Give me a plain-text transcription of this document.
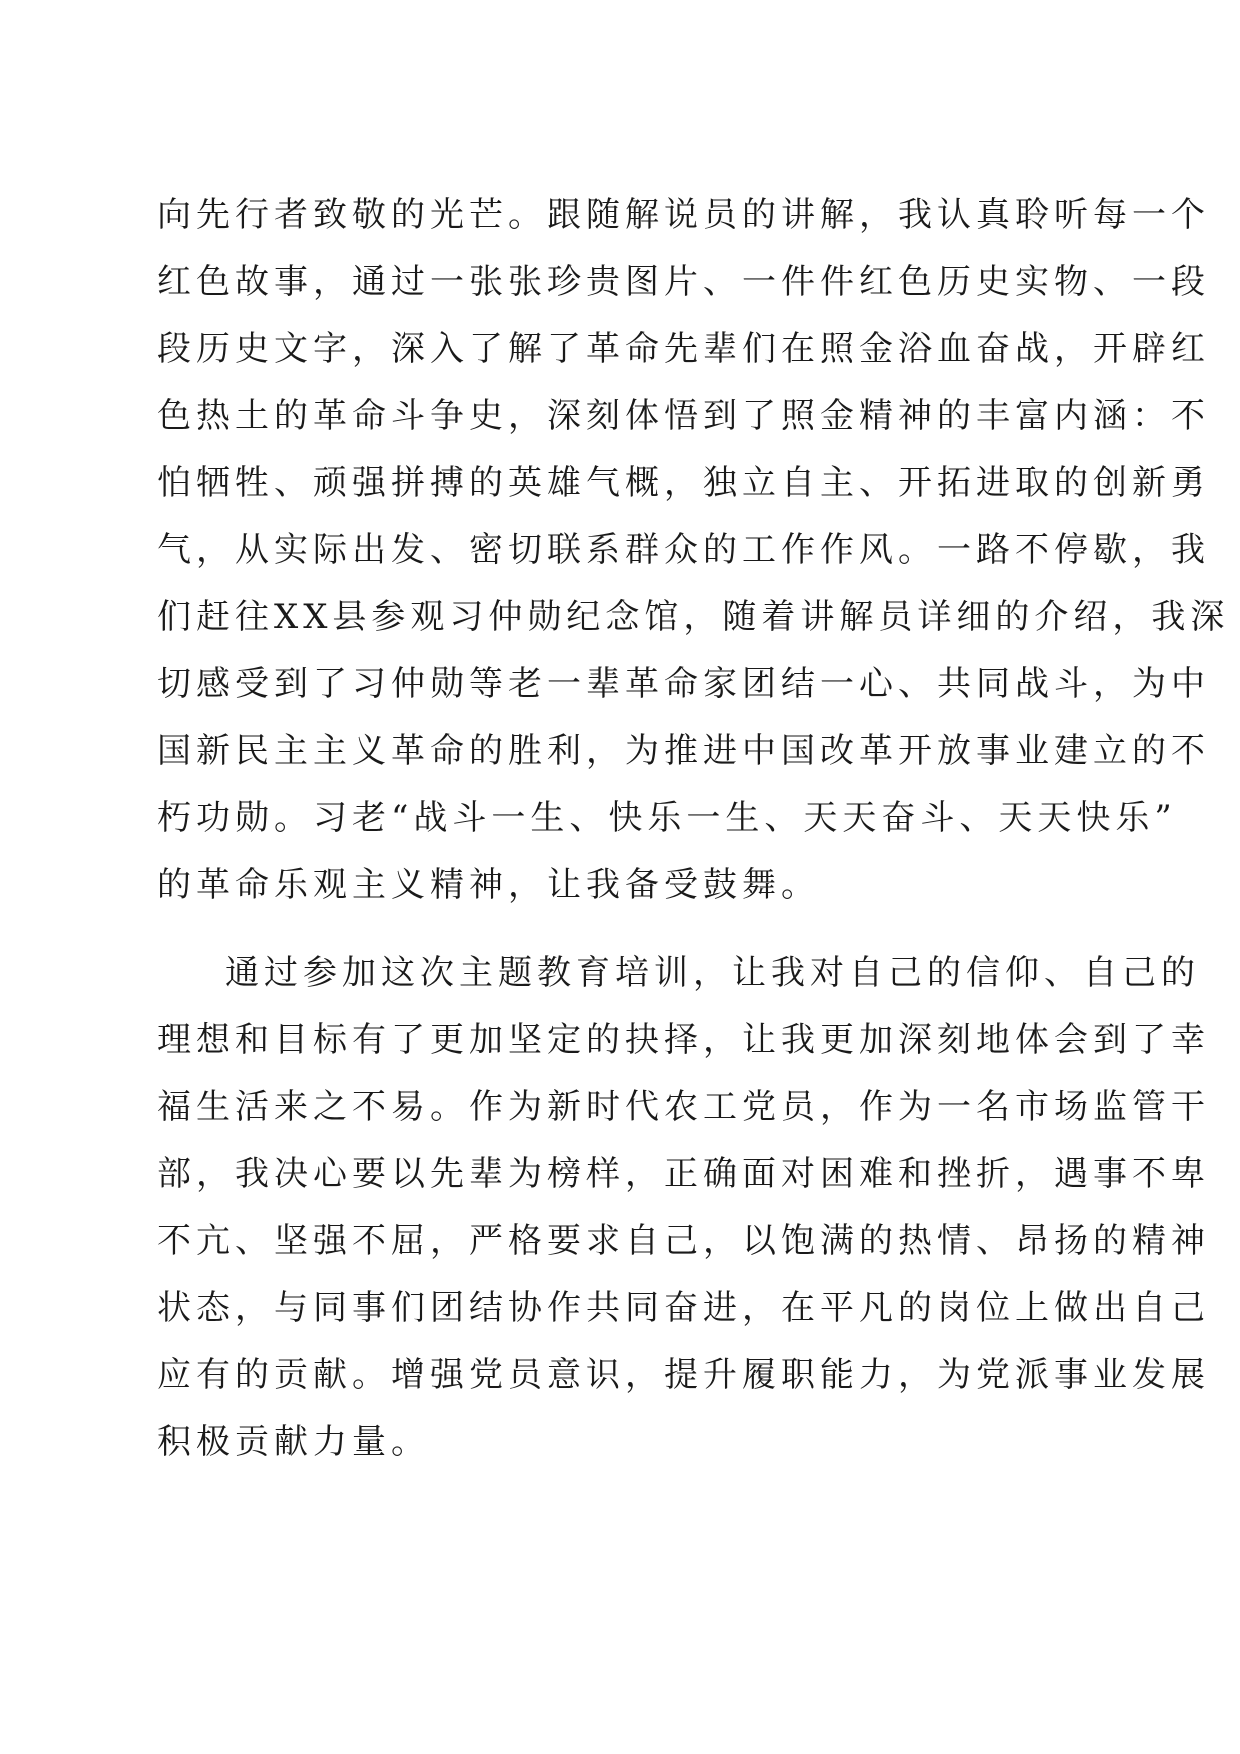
向先行者致敬的光芒。跟随解说员的讲解，我认真聆听每一个
红色故事，通过一张张珍贵图片、一件件红色历史实物、一段
段历史文字，深入了解了革命先辈们在照金浴血奋战，开辟红
色热土的革命斗争史，深刻体悟到了照金精神的丰富内涵：不
怕牺牲、顽强拼搏的英雄气概，独立自主、开拓进取的创新勇
气，从实际出发、密切联系群众的工作作风。一路不停歇，我
们赶往XX县参观习仲勋纪念馆，随着讲解员详细的介绍，我深
切感受到了习仲勋等老一辈革命家团结一心、共同战斗，为中
国新民主主义革命的胜利，为推进中国改革开放事业建立的不
朽功勋。习老“战斗一生、快乐一生、天天奋斗、天天快乐”
的革命乐观主义精神，让我备受鼓舞。
通过参加这次主题教育培训，让我对自己的信仰、自己的
理想和目标有了更加坚定的抉择，让我更加深刻地体会到了幸
福生活来之不易。作为新时代农工党员，作为一名市场监管干
部，我决心要以先辈为榜样，正确面对困难和挫折，遇事不卑
不亢、坚强不屈，严格要求自己，以饱满的热情、昂扬的精神
状态，与同事们团结协作共同奋进，在平凡的岗位上做出自己
应有的贡献。增强党员意识，提升履职能力，为党派事业发展
积极贡献力量。
